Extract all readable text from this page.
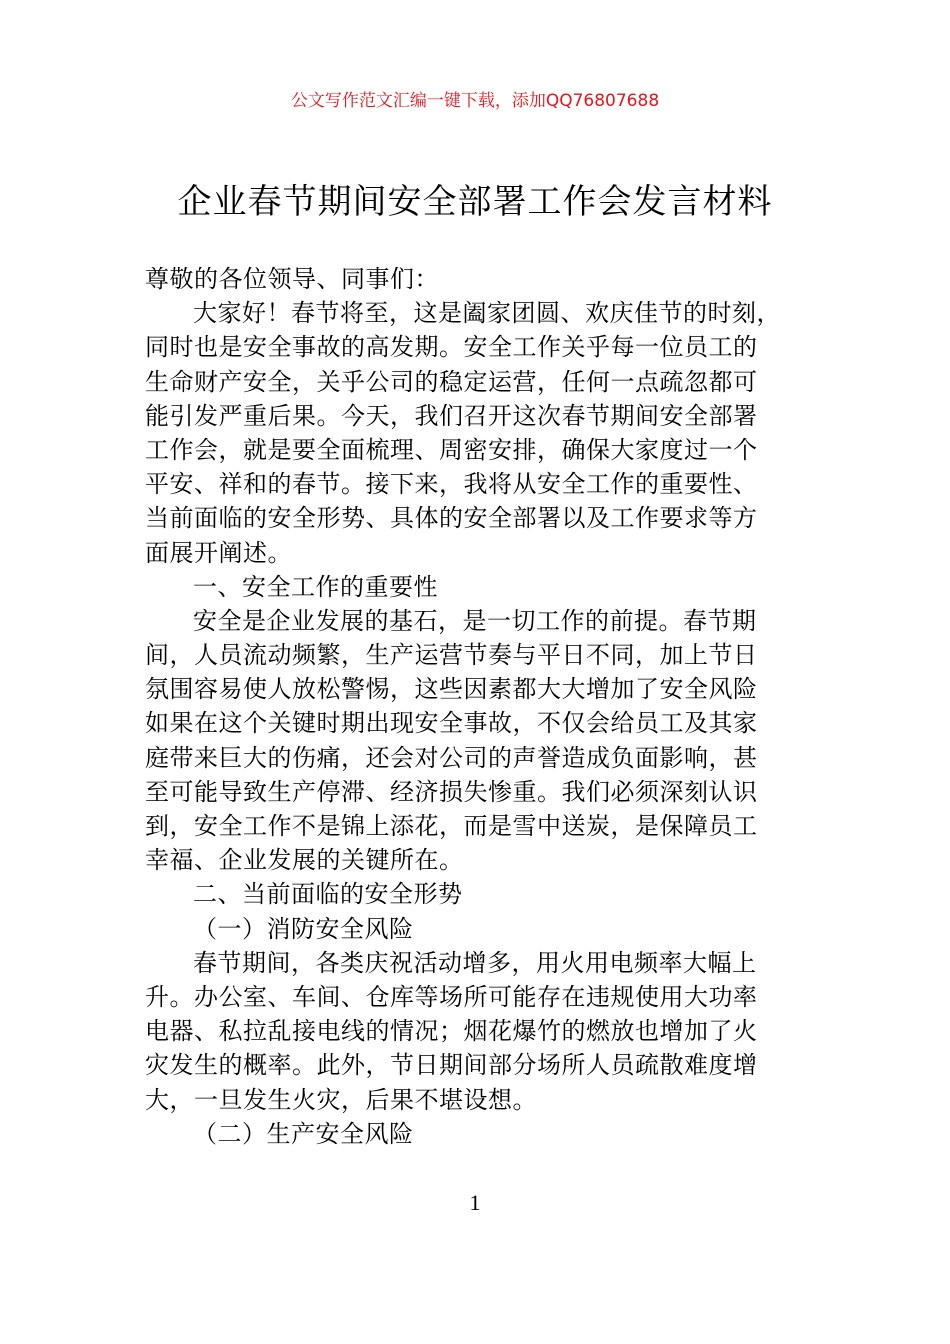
公文写作范文汇编一键下载，添加QQ76807688
企业春节期间安全部署工作会发言材料
尊敬的各位领导、同事们：
大家好！春节将至，这是阖家团圆、欢庆佳节的时刻，
同时也是安全事故的高发期。安全工作关乎每一位员工的
生命财产安全，关乎公司的稳定运营，任何一点疏忽都可
能引发严重后果。今天，我们召开这次春节期间安全部署
工作会，就是要全面梳理、周密安排，确保大家度过一个
平安、祥和的春节。接下来，我将从安全工作的重要性、
当前面临的安全形势、具体的安全部署以及工作要求等方
面展开阐述。
一、安全工作的重要性
安全是企业发展的基石，是一切工作的前提。春节期
间，人员流动频繁，生产运营节奏与平日不同，加上节日
氛围容易使人放松警惕，这些因素都大大增加了安全风险
如果在这个关键时期出现安全事故，不仅会给员工及其家
庭带来巨大的伤痛，还会对公司的声誉造成负面影响，甚
至可能导致生产停滞、经济损失惨重。我们必须深刻认识
到，安全工作不是锦上添花，而是雪中送炭，是保障员工
幸福、企业发展的关键所在。
二、当前面临的安全形势
（一）消防安全风险
春节期间，各类庆祝活动增多，用火用电频率大幅上
升。办公室、车间、仓库等场所可能存在违规使用大功率
电器、私拉乱接电线的情况；烟花爆竹的燃放也增加了火
灾发生的概率。此外，节日期间部分场所人员疏散难度增
大，一旦发生火灾，后果不堪设想。
（二）生产安全风险
1
